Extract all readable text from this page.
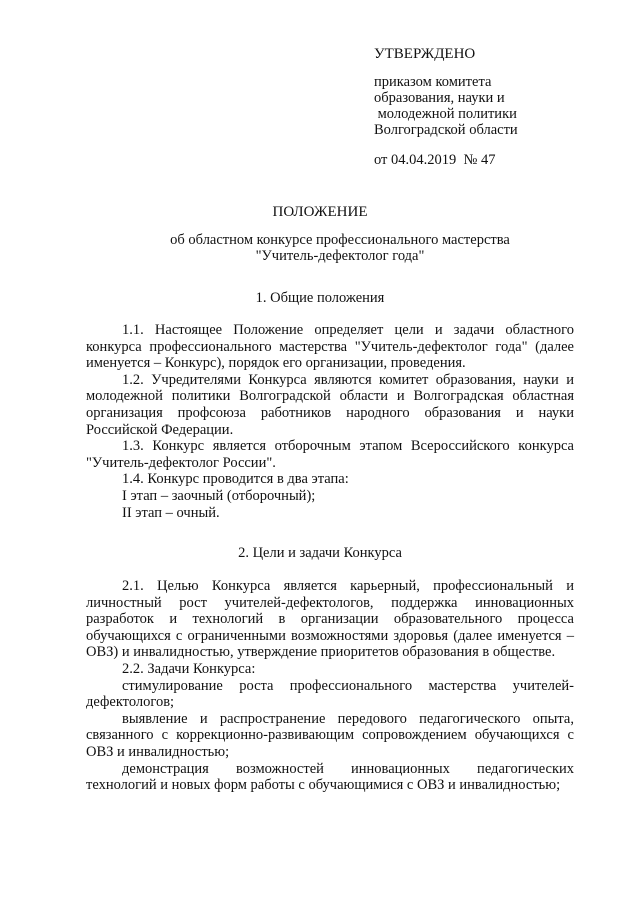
УТВЕРЖДЕНО
приказом комитета
образования, науки и
молодежной политики
Волгоградской области
от 04.04.2019  № 47
ПОЛОЖЕНИЕ
об областном конкурсе профессионального мастерства
"Учитель-дефектолог года"
1. Общие положения

1.1. Настоящее Положение определяет цели и задачи областного конкурса профессионального мастерства "Учитель-дефектолог года" (далее именуется – Конкурс), порядок его организации, проведения.

1.2. Учредителями Конкурса являются комитет образования, науки и молодежной политики Волгоградской области и Волгоградская областная организация профсоюза работников народного образования и науки Российской Федерации.

1.3. Конкурс является отборочным этапом Всероссийского конкурса "Учитель-дефектолог России".

1.4. Конкурс проводится в два этапа:

I этап – заочный (отборочный);

II этап – очный.

2. Цели и задачи Конкурса

2.1. Целью Конкурса является карьерный, профессиональный и личностный рост учителей-дефектологов, поддержка инновационных разработок и технологий в организации образовательного процесса обучающихся с ограниченными возможностями здоровья (далее именуется – ОВЗ) и инвалидностью, утверждение приоритетов образования в обществе.

2.2. Задачи Конкурса:

стимулирование роста профессионального мастерства учителей-дефектологов;

выявление и распространение передового педагогического опыта, связанного с коррекционно-развивающим сопровождением обучающихся с ОВЗ и инвалидностью;

демонстрация возможностей инновационных педагогических технологий и новых форм работы с обучающимися с ОВЗ и инвалидностью;
